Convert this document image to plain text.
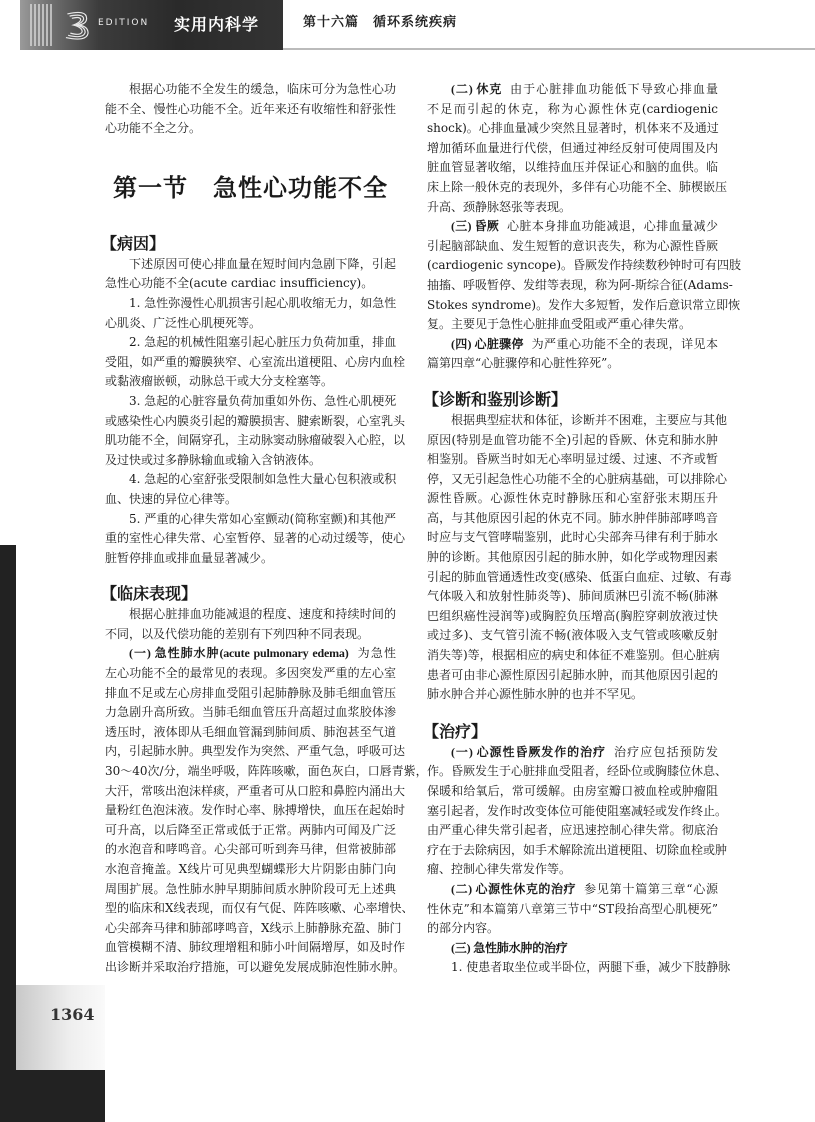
EDITION 实用内科学	第十六篇　循环系统疾病
根据心功能不全发生的缓急，临床可分为急性心功
能不全、慢性心功能不全。近年来还有收缩性和舒张性
心功能不全之分。
第一节　急性心功能不全
【病因】
下述原因可使心排血量在短时间内急剧下降，引起
急性心功能不全(acute cardiac insufficiency)。
1. 急性弥漫性心肌损害引起心肌收缩无力，如急性
心肌炎、广泛性心肌梗死等。
2. 急起的机械性阻塞引起心脏压力负荷加重，排血
受阻，如严重的瓣膜狭窄、心室流出道梗阻、心房内血栓
或黏液瘤嵌顿，动脉总干或大分支栓塞等。
3. 急起的心脏容量负荷加重如外伤、急性心肌梗死
或感染性心内膜炎引起的瓣膜损害、腱索断裂，心室乳头
肌功能不全，间隔穿孔，主动脉窦动脉瘤破裂入心腔，以
及过快或过多静脉输血或输入含钠液体。
4. 急起的心室舒张受限制如急性大量心包积液或积
血、快速的异位心律等。
5. 严重的心律失常如心室颤动(简称室颤)和其他严
重的室性心律失常、心室暂停、显著的心动过缓等，使心
脏暂停排血或排血量显著减少。
【临床表现】
根据心脏排血功能减退的程度、速度和持续时间的
不同，以及代偿功能的差别有下列四种不同表现。
(一) 急性肺水肿(acute pulmonary edema) 为急性
左心功能不全的最常见的表现。多因突发严重的左心室
排血不足或左心房排血受阻引起肺静脉及肺毛细血管压
力急剧升高所致。当肺毛细血管压升高超过血浆胶体渗
透压时，液体即从毛细血管漏到肺间质、肺泡甚至气道
内，引起肺水肿。典型发作为突然、严重气急，呼吸可达
30～40次/分，端坐呼吸，阵阵咳嗽，面色灰白，口唇青紫，
大汗，常咳出泡沫样痰，严重者可从口腔和鼻腔内涌出大
量粉红色泡沫液。发作时心率、脉搏增快，血压在起始时
可升高，以后降至正常或低于正常。两肺内可闻及广泛
的水泡音和哮鸣音。心尖部可听到奔马律，但常被肺部
水泡音掩盖。X线片可见典型蝴蝶形大片阴影由肺门向
周围扩展。急性肺水肿早期肺间质水肿阶段可无上述典
型的临床和X线表现，而仅有气促、阵阵咳嗽、心率增快、
心尖部奔马律和肺部哮鸣音，X线示上肺静脉充盈、肺门
血管模糊不清、肺纹理增粗和肺小叶间隔增厚，如及时作
出诊断并采取治疗措施，可以避免发展成肺泡性肺水肿。
(二) 休克 由于心脏排血功能低下导致心排血量
不足而引起的休克，称为心源性休克(cardiogenic
shock)。心排血量减少突然且显著时，机体来不及通过
增加循环血量进行代偿，但通过神经反射可使周围及内
脏血管显著收缩，以维持血压并保证心和脑的血供。临
床上除一般休克的表现外，多伴有心功能不全、肺楔嵌压
升高、颈静脉怒张等表现。
(三) 昏厥 心脏本身排血功能减退，心排血量减少
引起脑部缺血、发生短暂的意识丧失，称为心源性昏厥
(cardiogenic syncope)。昏厥发作持续数秒钟时可有四肢
抽搐、呼吸暂停、发绀等表现，称为阿-斯综合征(Adams-
Stokes syndrome)。发作大多短暂，发作后意识常立即恢
复。主要见于急性心脏排血受阻或严重心律失常。
(四) 心脏骤停 为严重心功能不全的表现，详见本
篇第四章“心脏骤停和心脏性猝死”。
【诊断和鉴别诊断】
根据典型症状和体征，诊断并不困难，主要应与其他
原因(特别是血管功能不全)引起的昏厥、休克和肺水肿
相鉴别。昏厥当时如无心率明显过缓、过速、不齐或暂
停，又无引起急性心功能不全的心脏病基础，可以排除心
源性昏厥。心源性休克时静脉压和心室舒张末期压升
高，与其他原因引起的休克不同。肺水肿伴肺部哮鸣音
时应与支气管哮喘鉴别，此时心尖部奔马律有利于肺水
肿的诊断。其他原因引起的肺水肿，如化学或物理因素
引起的肺血管通透性改变(感染、低蛋白血症、过敏、有毒
气体吸入和放射性肺炎等)、肺间质淋巴引流不畅(肺淋
巴组织癌性浸润等)或胸腔负压增高(胸腔穿刺放液过快
或过多)、支气管引流不畅(液体吸入支气管或咳嗽反射
消失等)等，根据相应的病史和体征不难鉴别。但心脏病
患者可由非心源性原因引起肺水肿，而其他原因引起的
肺水肿合并心源性肺水肿的也并不罕见。
【治疗】
(一) 心源性昏厥发作的治疗 治疗应包括预防发
作。昏厥发生于心脏排血受阻者，经卧位或胸膝位休息、
保暖和给氧后，常可缓解。由房室瓣口被血栓或肿瘤阻
塞引起者，发作时改变体位可能使阻塞减轻或发作终止。
由严重心律失常引起者，应迅速控制心律失常。彻底治
疗在于去除病因，如手术解除流出道梗阻、切除血栓或肿
瘤、控制心律失常发作等。
(二) 心源性休克的治疗 参见第十篇第三章“心源
性休克”和本篇第八章第三节中“ST段抬高型心肌梗死”
的部分内容。
(三) 急性肺水肿的治疗
1. 使患者取坐位或半卧位，两腿下垂，减少下肢静脉
1364
